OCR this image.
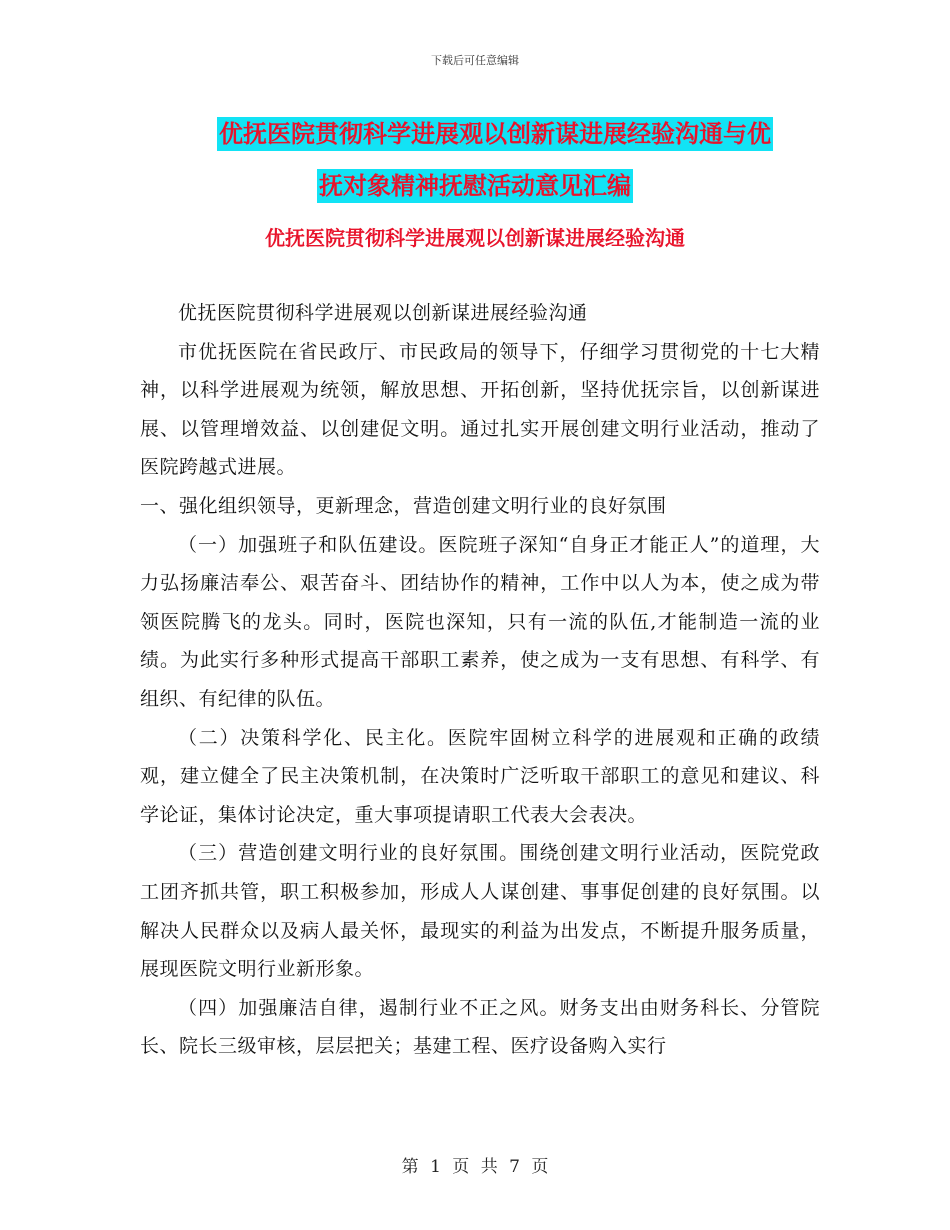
下载后可任意编辑
优抚医院贯彻科学进展观以创新谋进展经验沟通与优
抚对象精神抚慰活动意见汇编
优抚医院贯彻科学进展观以创新谋进展经验沟通

优抚医院贯彻科学进展观以创新谋进展经验沟通

市优抚医院在省民政厅、市民政局的领导下，仔细学习贯彻党的十七大精神，以科学进展观为统领，解放思想、开拓创新，坚持优抚宗旨，以创新谋进展、以管理增效益、以创建促文明。通过扎实开展创建文明行业活动，推动了医院跨越式进展。

一、强化组织领导，更新理念，营造创建文明行业的良好氛围

（一）加强班子和队伍建设。医院班子深知“自身正才能正人”的道理，大力弘扬廉洁奉公、艰苦奋斗、团结协作的精神，工作中以人为本，使之成为带领医院腾飞的龙头。同时，医院也深知，只有一流的队伍,才能制造一流的业绩。为此实行多种形式提高干部职工素养，使之成为一支有思想、有科学、有组织、有纪律的队伍。

（二）决策科学化、民主化。医院牢固树立科学的进展观和正确的政绩观，建立健全了民主决策机制，在决策时广泛听取干部职工的意见和建议、科学论证，集体讨论决定，重大事项提请职工代表大会表决。

（三）营造创建文明行业的良好氛围。围绕创建文明行业活动，医院党政工团齐抓共管，职工积极参加，形成人人谋创建、事事促创建的良好氛围。以解决人民群众以及病人最关怀，最现实的利益为出发点，不断提升服务质量，展现医院文明行业新形象。

（四）加强廉洁自律，遏制行业不正之风。财务支出由财务科长、分管院长、院长三级审核，层层把关；基建工程、医疗设备购入实行

第 1 页 共 7 页
